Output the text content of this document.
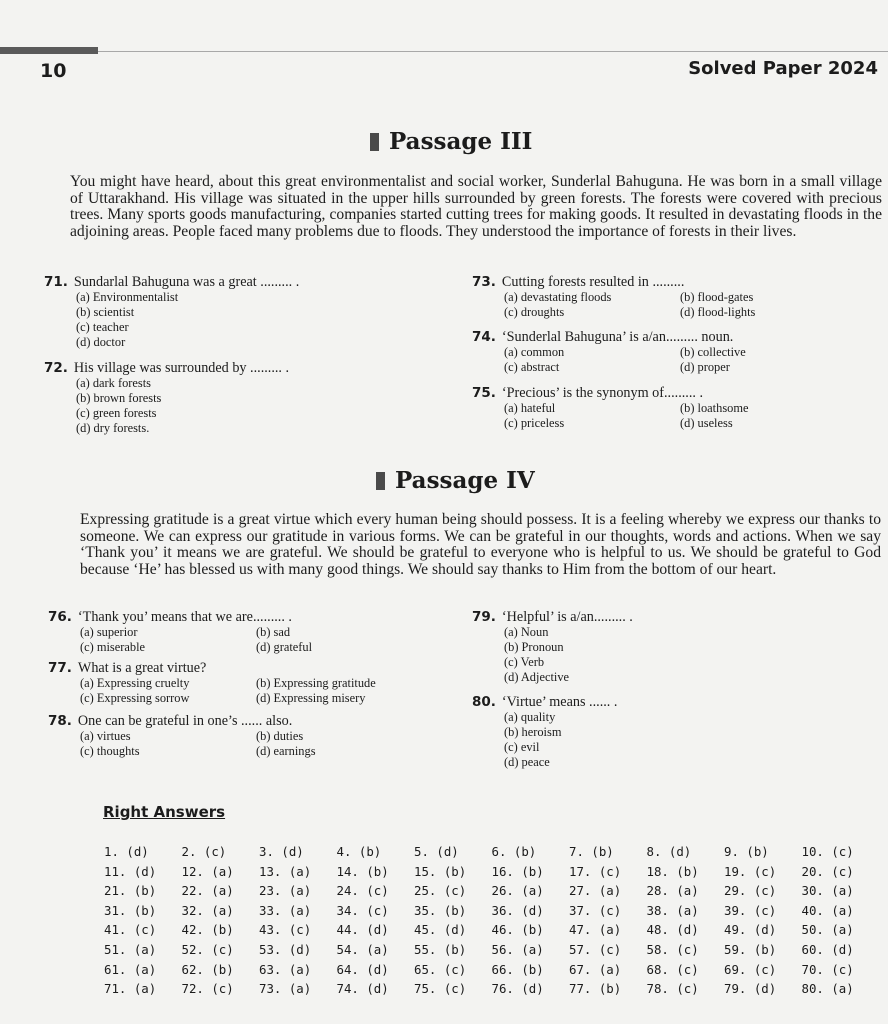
10	Solved Paper 2024
Passage III

You might have heard, about this great environmentalist and social worker, Sunderlal Bahuguna. He was born in a small village of Uttarakhand. His village was situated in the upper hills surrounded by green forests. The forests were covered with precious trees. Many sports goods manufacturing, companies started cutting trees for making goods. It resulted in devastating floods in the adjoining areas. People faced many problems due to floods. They understood the importance of forests in their lives.

71. Sundarlal Bahuguna was a great ......... .
(a) Environmentalist
(b) scientist
(c) teacher
(d) doctor
72. His village was surrounded by ......... .
(a) dark forests
(b) brown forests
(c) green forests
(d) dry forests.
73. Cutting forests resulted in .........
(a) devastating floods	(b) flood-gates
(c) droughts	(d) flood-lights
74. ‘Sunderlal Bahuguna’ is a/an......... noun.
(a) common	(b) collective
(c) abstract	(d) proper
75. ‘Precious’ is the synonym of......... .
(a) hateful	(b) loathsome
(c) priceless	(d) useless
Passage IV

Expressing gratitude is a great virtue which every human being should possess. It is a feeling whereby we express our thanks to someone. We can express our gratitude in various forms. We can be grateful in our thoughts, words and actions. When we say ‘Thank you’ it means we are grateful. We should be grateful to everyone who is helpful to us. We should be grateful to God because ‘He’ has blessed us with many good things. We should say thanks to Him from the bottom of our heart.

76. ‘Thank you’ means that we are......... .
(a) superior	(b) sad
(c) miserable	(d) grateful
77. What is a great virtue?
(a) Expressing cruelty	(b) Expressing gratitude
(c) Expressing sorrow	(d) Expressing misery
78. One can be grateful in one’s ...... also.
(a) virtues	(b) duties
(c) thoughts	(d) earnings
79. ‘Helpful’ is a/an......... .
(a) Noun
(b) Pronoun
(c) Verb
(d) Adjective
80. ‘Virtue’ means ...... .
(a) quality
(b) heroism
(c) evil
(d) peace
Right Answers
1. (d)	2. (c)	3. (d)	4. (b)	5. (d)	6. (b)	7. (b)	8. (d)	9. (b)	10. (c)
11. (d)	12. (a)	13. (a)	14. (b)	15. (b)	16. (b)	17. (c)	18. (b)	19. (c)	20. (c)
21. (b)	22. (a)	23. (a)	24. (c)	25. (c)	26. (a)	27. (a)	28. (a)	29. (c)	30. (a)
31. (b)	32. (a)	33. (a)	34. (c)	35. (b)	36. (d)	37. (c)	38. (a)	39. (c)	40. (a)
41. (c)	42. (b)	43. (c)	44. (d)	45. (d)	46. (b)	47. (a)	48. (d)	49. (d)	50. (a)
51. (a)	52. (c)	53. (d)	54. (a)	55. (b)	56. (a)	57. (c)	58. (c)	59. (b)	60. (d)
61. (a)	62. (b)	63. (a)	64. (d)	65. (c)	66. (b)	67. (a)	68. (c)	69. (c)	70. (c)
71. (a)	72. (c)	73. (a)	74. (d)	75. (c)	76. (d)	77. (b)	78. (c)	79. (d)	80. (a)
